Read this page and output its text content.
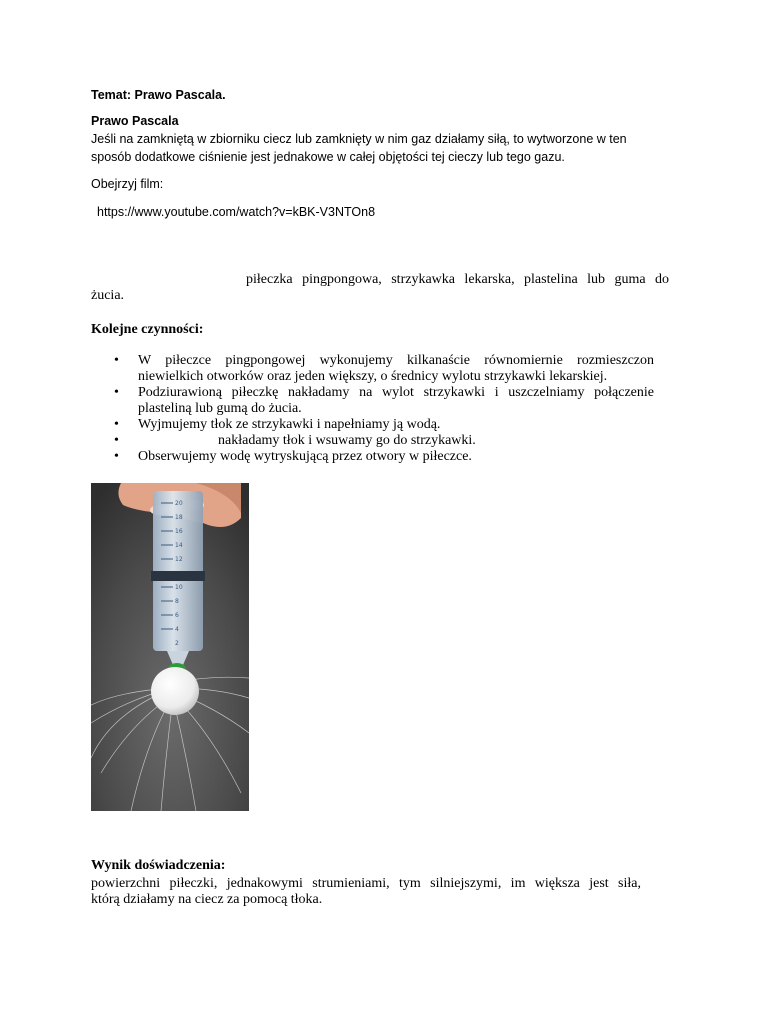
Temat: Prawo Pascala.
Prawo Pascala
Jeśli na zamkniętą w zbiorniku ciecz lub zamknięty w nim gaz działamy siłą, to wytworzone w ten
sposób dodatkowe ciśnienie jest jednakowe w całej objętości tej cieczy lub tego gazu.
Obejrzyj film:
https://www.youtube.com/watch?v=kBK-V3NTOn8
piłeczka pingpongowa, strzykawka lekarska, plastelina lub guma do
żucia.
Kolejne czynności:
• W piłeczce pingpongowej wykonujemy kilkanaście równomiernie rozmieszczon
niewielkich otworków oraz jeden większy, o średnicy wylotu strzykawki lekarskiej.
• Podziurawioną piłeczkę nakładamy na wylot strzykawki i uszczelniamy połączenie
plasteliną lub gumą do żucia.
• Wyjmujemy tłok ze strzykawki i napełniamy ją wodą.
• nakładamy tłok i wsuwamy go do strzykawki.
• Obserwujemy wodę wytryskującą przez otwory w piłeczce.
20
18
16
14
12
10
8
6
4
2
Wynik doświadczenia:
powierzchni piłeczki, jednakowymi strumieniami, tym silniejszymi, im większa jest siła,
którą działamy na ciecz za pomocą tłoka.
